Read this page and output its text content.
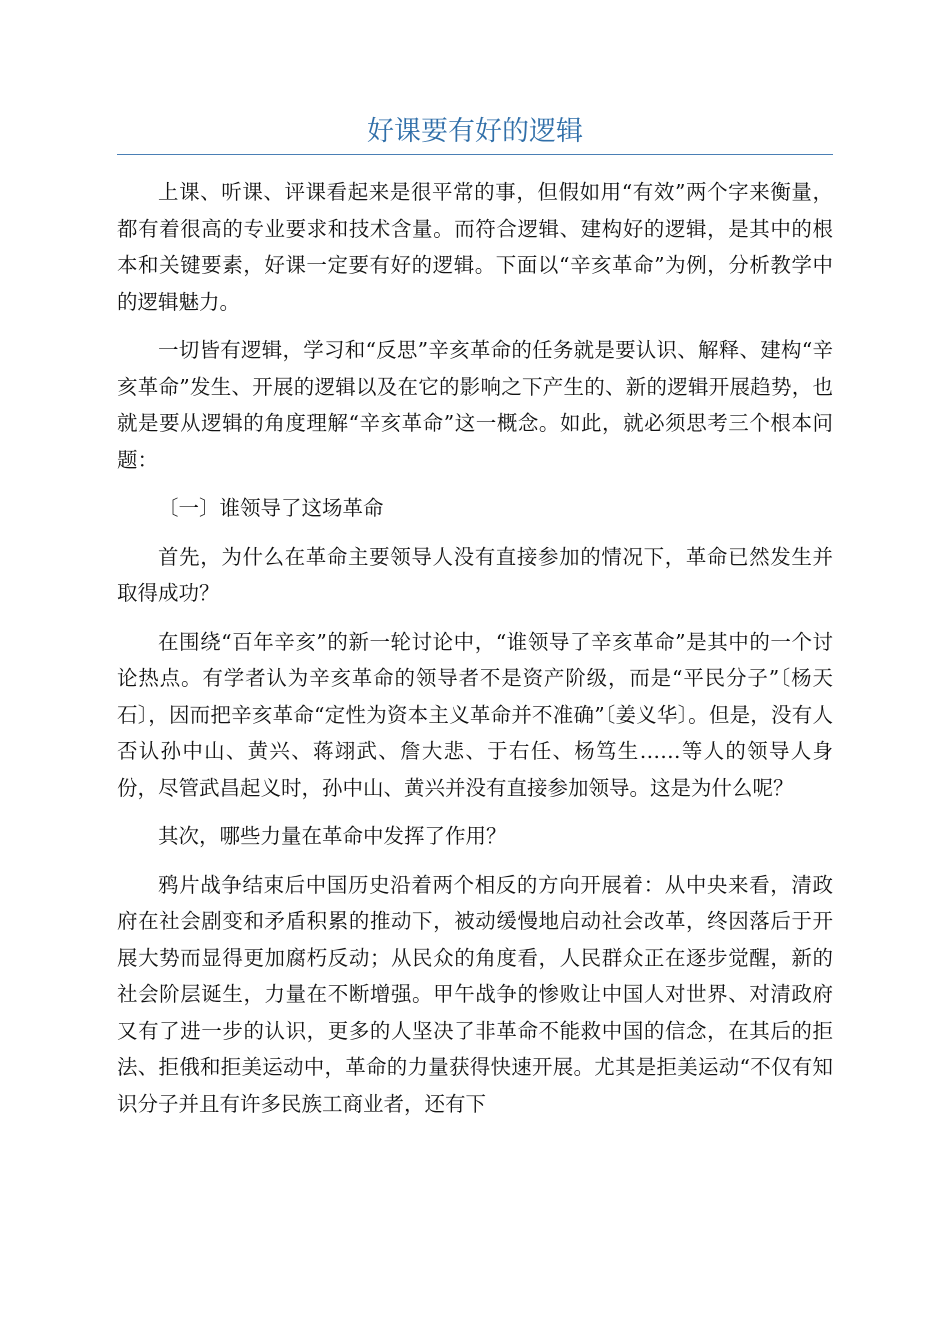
好课要有好的逻辑

上课、听课、评课看起来是很平常的事，但假如用“有效”两个字来衡量，都有着很高的专业要求和技术含量。而符合逻辑、建构好的逻辑，是其中的根本和关键要素，好课一定要有好的逻辑。下面以“辛亥革命”为例，分析教学中的逻辑魅力。

一切皆有逻辑，学习和“反思”辛亥革命的任务就是要认识、解释、建构“辛亥革命”发生、开展的逻辑以及在它的影响之下产生的、新的逻辑开展趋势，也就是要从逻辑的角度理解“辛亥革命”这一概念。如此，就必须思考三个根本问题：

〔一〕谁领导了这场革命

首先，为什么在革命主要领导人没有直接参加的情况下，革命已然发生并取得成功？

在围绕“百年辛亥”的新一轮讨论中，“谁领导了辛亥革命”是其中的一个讨论热点。有学者认为辛亥革命的领导者不是资产阶级，而是“平民分子”〔杨天石〕，因而把辛亥革命“定性为资本主义革命并不准确”〔姜义华〕。但是，没有人否认孙中山、黄兴、蒋翊武、詹大悲、于右任、杨笃生……等人的领导人身份，尽管武昌起义时，孙中山、黄兴并没有直接参加领导。这是为什么呢？

其次，哪些力量在革命中发挥了作用？

鸦片战争结束后中国历史沿着两个相反的方向开展着：从中央来看，清政府在社会剧变和矛盾积累的推动下，被动缓慢地启动社会改革，终因落后于开展大势而显得更加腐朽反动；从民众的角度看，人民群众正在逐步觉醒，新的社会阶层诞生，力量在不断增强。甲午战争的惨败让中国人对世界、对清政府又有了进一步的认识，更多的人坚决了非革命不能救中国的信念，在其后的拒法、拒俄和拒美运动中，革命的力量获得快速开展。尤其是拒美运动“不仅有知识分子并且有许多民族工商业者，还有下
